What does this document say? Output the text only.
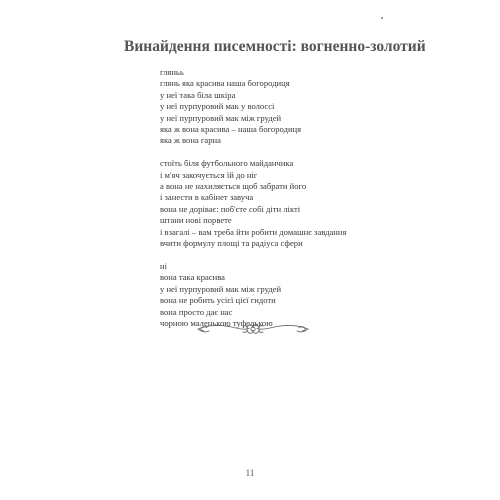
Винайдення писемності: вогненно-золотий
гляньь
глянь яка красива наша богородиця
у неї така біла шкіра
у неї пурпуровий мак у волоссі
у неї пурпуровий мак між грудей
яка ж вона красива – наша богородиця
яка ж вона гарна
стоїть біля футбольного майданчика
і м'яч закочується їй до ніг
а вона не нахиляється щоб забрати його
і занести в кабінет завуча
вона не доріває: поб'єте собі дітн лікті
штани нові порвете
і взагалі – вам треба йти робити домашнє завдання
вчити формулу площі та радіуса сфери
ні
вона така красива
у неї пурпуровий мак між грудей
вона не робить усієї цієї гидоти
вона просто дає нас
чорною маленькою туфелькою
11
